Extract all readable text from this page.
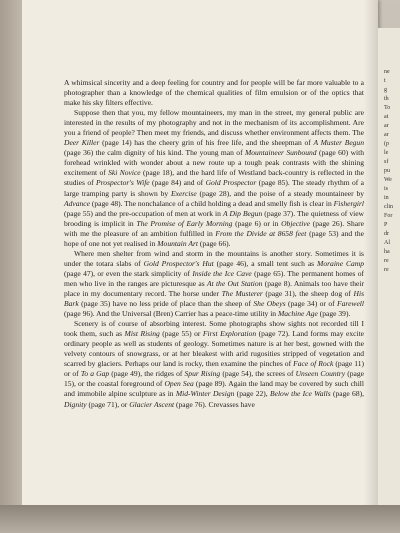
ne
t
g
th
To
at
ar
ar
(p
le
sf
pu
We
is
in
clin
For
P
dr
Al
ha
re
re

A whimsical sincerity and a deep feeling for country and for people will be far more valuable to a photographer than a knowledge of the chemical qualities of film emulsion or of the optics that make his sky filters effective.

Suppose then that you, my fellow mountaineers, my man in the street, my general public are interested in the results of my photography and not in the mechanism of its accomplishment. Are you a friend of people? Then meet my friends, and discuss whether environment affects them. The Deer Killer (page 14) has the cheery grin of his free life, and the sheepman of A Muster Begun (page 36) the calm dignity of his kind. The young man of Mountaineer Sunbound (page 60) with forehead wrinkled with wonder about a new route up a tough peak contrasts with the shining excitement of Ski Novice (page 18), and the hard life of Westland back-country is reflected in the studies of Prospector's Wife (page 84) and of Gold Prospector (page 85). The steady rhythm of a large tramping party is shown by Exercise (page 28), and the poise of a steady mountaineer by Advance (page 48). The nonchalance of a child holding a dead and smelly fish is clear in Fishergirl (page 55) and the pre-occupation of men at work in A Dip Begun (page 37). The quietness of view brooding is implicit in The Promise of Early Morning (page 6) or in Objective (page 26). Share with me the pleasure of an ambition fulfilled in From the Divide at 8658 feet (page 53) and the hope of one not yet realised in Mountain Art (page 66).

Where men shelter from wind and storm in the mountains is another story. Sometimes it is under the totara slabs of Gold Prospector's Hut (page 46), a small tent such as Moraine Camp (page 47), or even the stark simplicity of Inside the Ice Cave (page 65). The permanent homes of men who live in the ranges are picturesque as At the Out Station (page 8). Animals too have their place in my documentary record. The horse under The Musterer (page 31), the sheep dog of His Bark (page 35) have no less pride of place than the sheep of She Obeys (page 34) or of Farewell (page 96). And the Universal (Bren) Carrier has a peace-time utility in Machine Age (page 39).

Scenery is of course of absorbing interest. Some photographs show sights not recorded till I took them, such as Mist Rising (page 55) or First Exploration (page 72). Land forms may excite ordinary people as well as students of geology. Sometimes nature is at her best, gowned with the velvety contours of snowgrass, or at her bleakest with arid rugosities stripped of vegetation and scarred by glaciers. Perhaps our land is rocky, then examine the pinches of Face of Rock (page 11) or of To a Gap (page 49), the ridges of Spur Rising (page 54), the screes of Unseen Country (page 15), or the coastal foreground of Open Sea (page 89). Again the land may be covered by such chill and immobile alpine sculpture as in Mid-Winter Design (page 22), Below the Ice Walls (page 68), Dignity (page 71), or Glacier Ascent (page 76). Crevasses have
